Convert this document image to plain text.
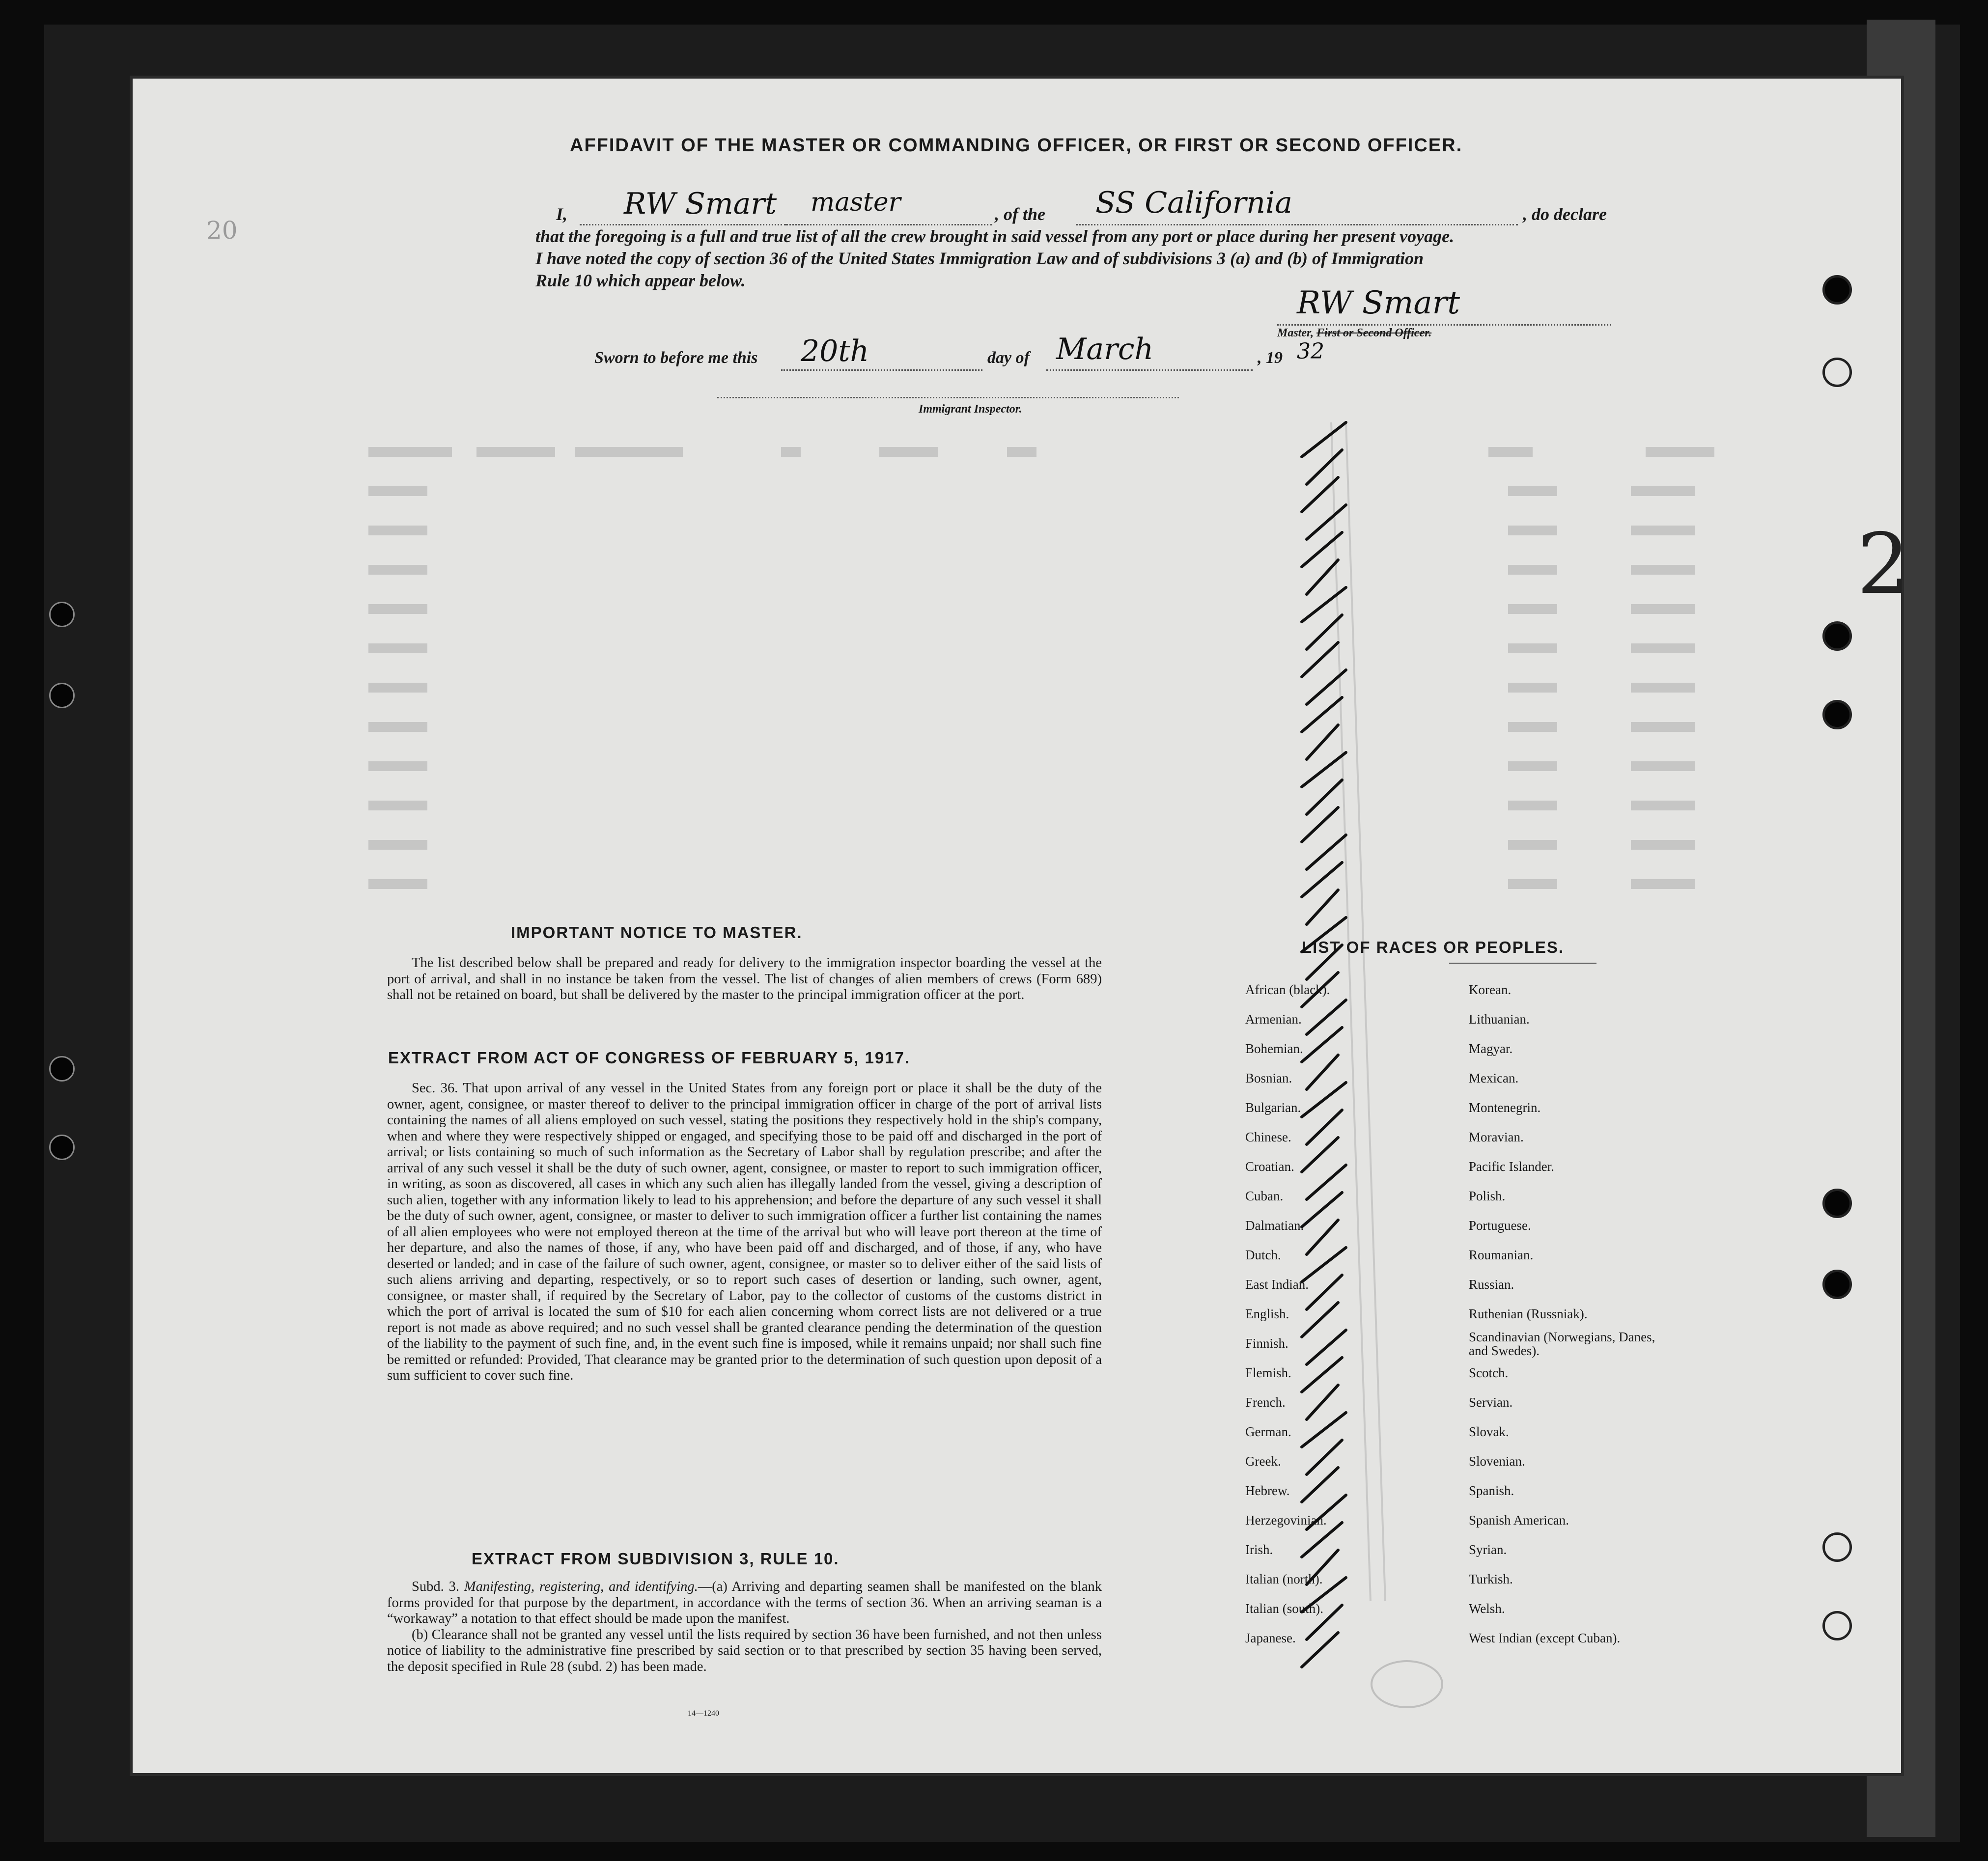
AFFIDAVIT OF THE MASTER OR COMMANDING OFFICER, OR FIRST OR SECOND OFFICER.
I, RW Smart master	, of the SS California	, do declare
that the foregoing is a full and true list of all the crew brought in said vessel from any port or place during her present voyage.
I have noted the copy of section 36 of the United States Immigration Law and of subdivisions 3 (a) and (b) of Immigration
Rule 10 which appear below.
RW Smart
Master, First or Second Officer.
Sworn to before me this 20th	day of March	, 19 32
Immigrant Inspector.
20
2
IMPORTANT NOTICE TO MASTER.

The list described below shall be prepared and ready for delivery to the immigration inspector boarding the vessel at the port of arrival, and shall in no instance be taken from the vessel. The list of changes of alien members of crews (Form 689) shall not be retained on board, but shall be delivered by the master to the principal immigration officer at the port.

EXTRACT FROM ACT OF CONGRESS OF FEBRUARY 5, 1917.

Sec. 36. That upon arrival of any vessel in the United States from any foreign port or place it shall be the duty of the owner, agent, consignee, or master thereof to deliver to the principal immigration officer in charge of the port of arrival lists containing the names of all aliens employed on such vessel, stating the positions they respectively hold in the ship's company, when and where they were respectively shipped or engaged, and specifying those to be paid off and discharged in the port of arrival; or lists containing so much of such information as the Secretary of Labor shall by regulation prescribe; and after the arrival of any such vessel it shall be the duty of such owner, agent, consignee, or master to report to such immigration officer, in writing, as soon as discovered, all cases in which any such alien has illegally landed from the vessel, giving a description of such alien, together with any information likely to lead to his apprehension; and before the departure of any such vessel it shall be the duty of such owner, agent, consignee, or master to deliver to such immigration officer a further list containing the names of all alien employees who were not employed thereon at the time of the arrival but who will leave port thereon at the time of her departure, and also the names of those, if any, who have been paid off and discharged, and of those, if any, who have deserted or landed; and in case of the failure of such owner, agent, consignee, or master so to deliver either of the said lists of such aliens arriving and departing, respectively, or so to report such cases of desertion or landing, such owner, agent, consignee, or master shall, if required by the Secretary of Labor, pay to the collector of customs of the customs district in which the port of arrival is located the sum of $10 for each alien concerning whom correct lists are not delivered or a true report is not made as above required; and no such vessel shall be granted clearance pending the determination of the question of the liability to the payment of such fine, and, in the event such fine is imposed, while it remains unpaid; nor shall such fine be remitted or refunded: Provided, That clearance may be granted prior to the determination of such question upon deposit of a sum sufficient to cover such fine.

EXTRACT FROM SUBDIVISION 3, RULE 10.

Subd. 3. Manifesting, registering, and identifying.—(a) Arriving and departing seamen shall be manifested on the blank forms provided for that purpose by the department, in accordance with the terms of section 36. When an arriving seaman is a “workaway” a notation to that effect should be made upon the manifest.

(b) Clearance shall not be granted any vessel until the lists required by section 36 have been furnished, and not then unless notice of liability to the administrative fine prescribed by said section or to that prescribed by section 35 having been served, the deposit specified in Rule 28 (subd. 2) has been made.

14—1240
LIST OF RACES OR PEOPLES.
African (black).
Armenian.
Bohemian.
Bosnian.
Bulgarian.
Chinese.
Croatian.
Cuban.
Dalmatian.
Dutch.
East Indian.
English.
Finnish.
Flemish.
French.
German.
Greek.
Hebrew.
Herzegovinian.
Irish.
Italian (north).
Italian (south).
Japanese.
Korean.
Lithuanian.
Magyar.
Mexican.
Montenegrin.
Moravian.
Pacific Islander.
Polish.
Portuguese.
Roumanian.
Russian.
Ruthenian (Russniak).
Scandinavian (Norwegians, Danes, and Swedes).
Scotch.
Servian.
Slovak.
Slovenian.
Spanish.
Spanish American.
Syrian.
Turkish.
Welsh.
West Indian (except Cuban).
